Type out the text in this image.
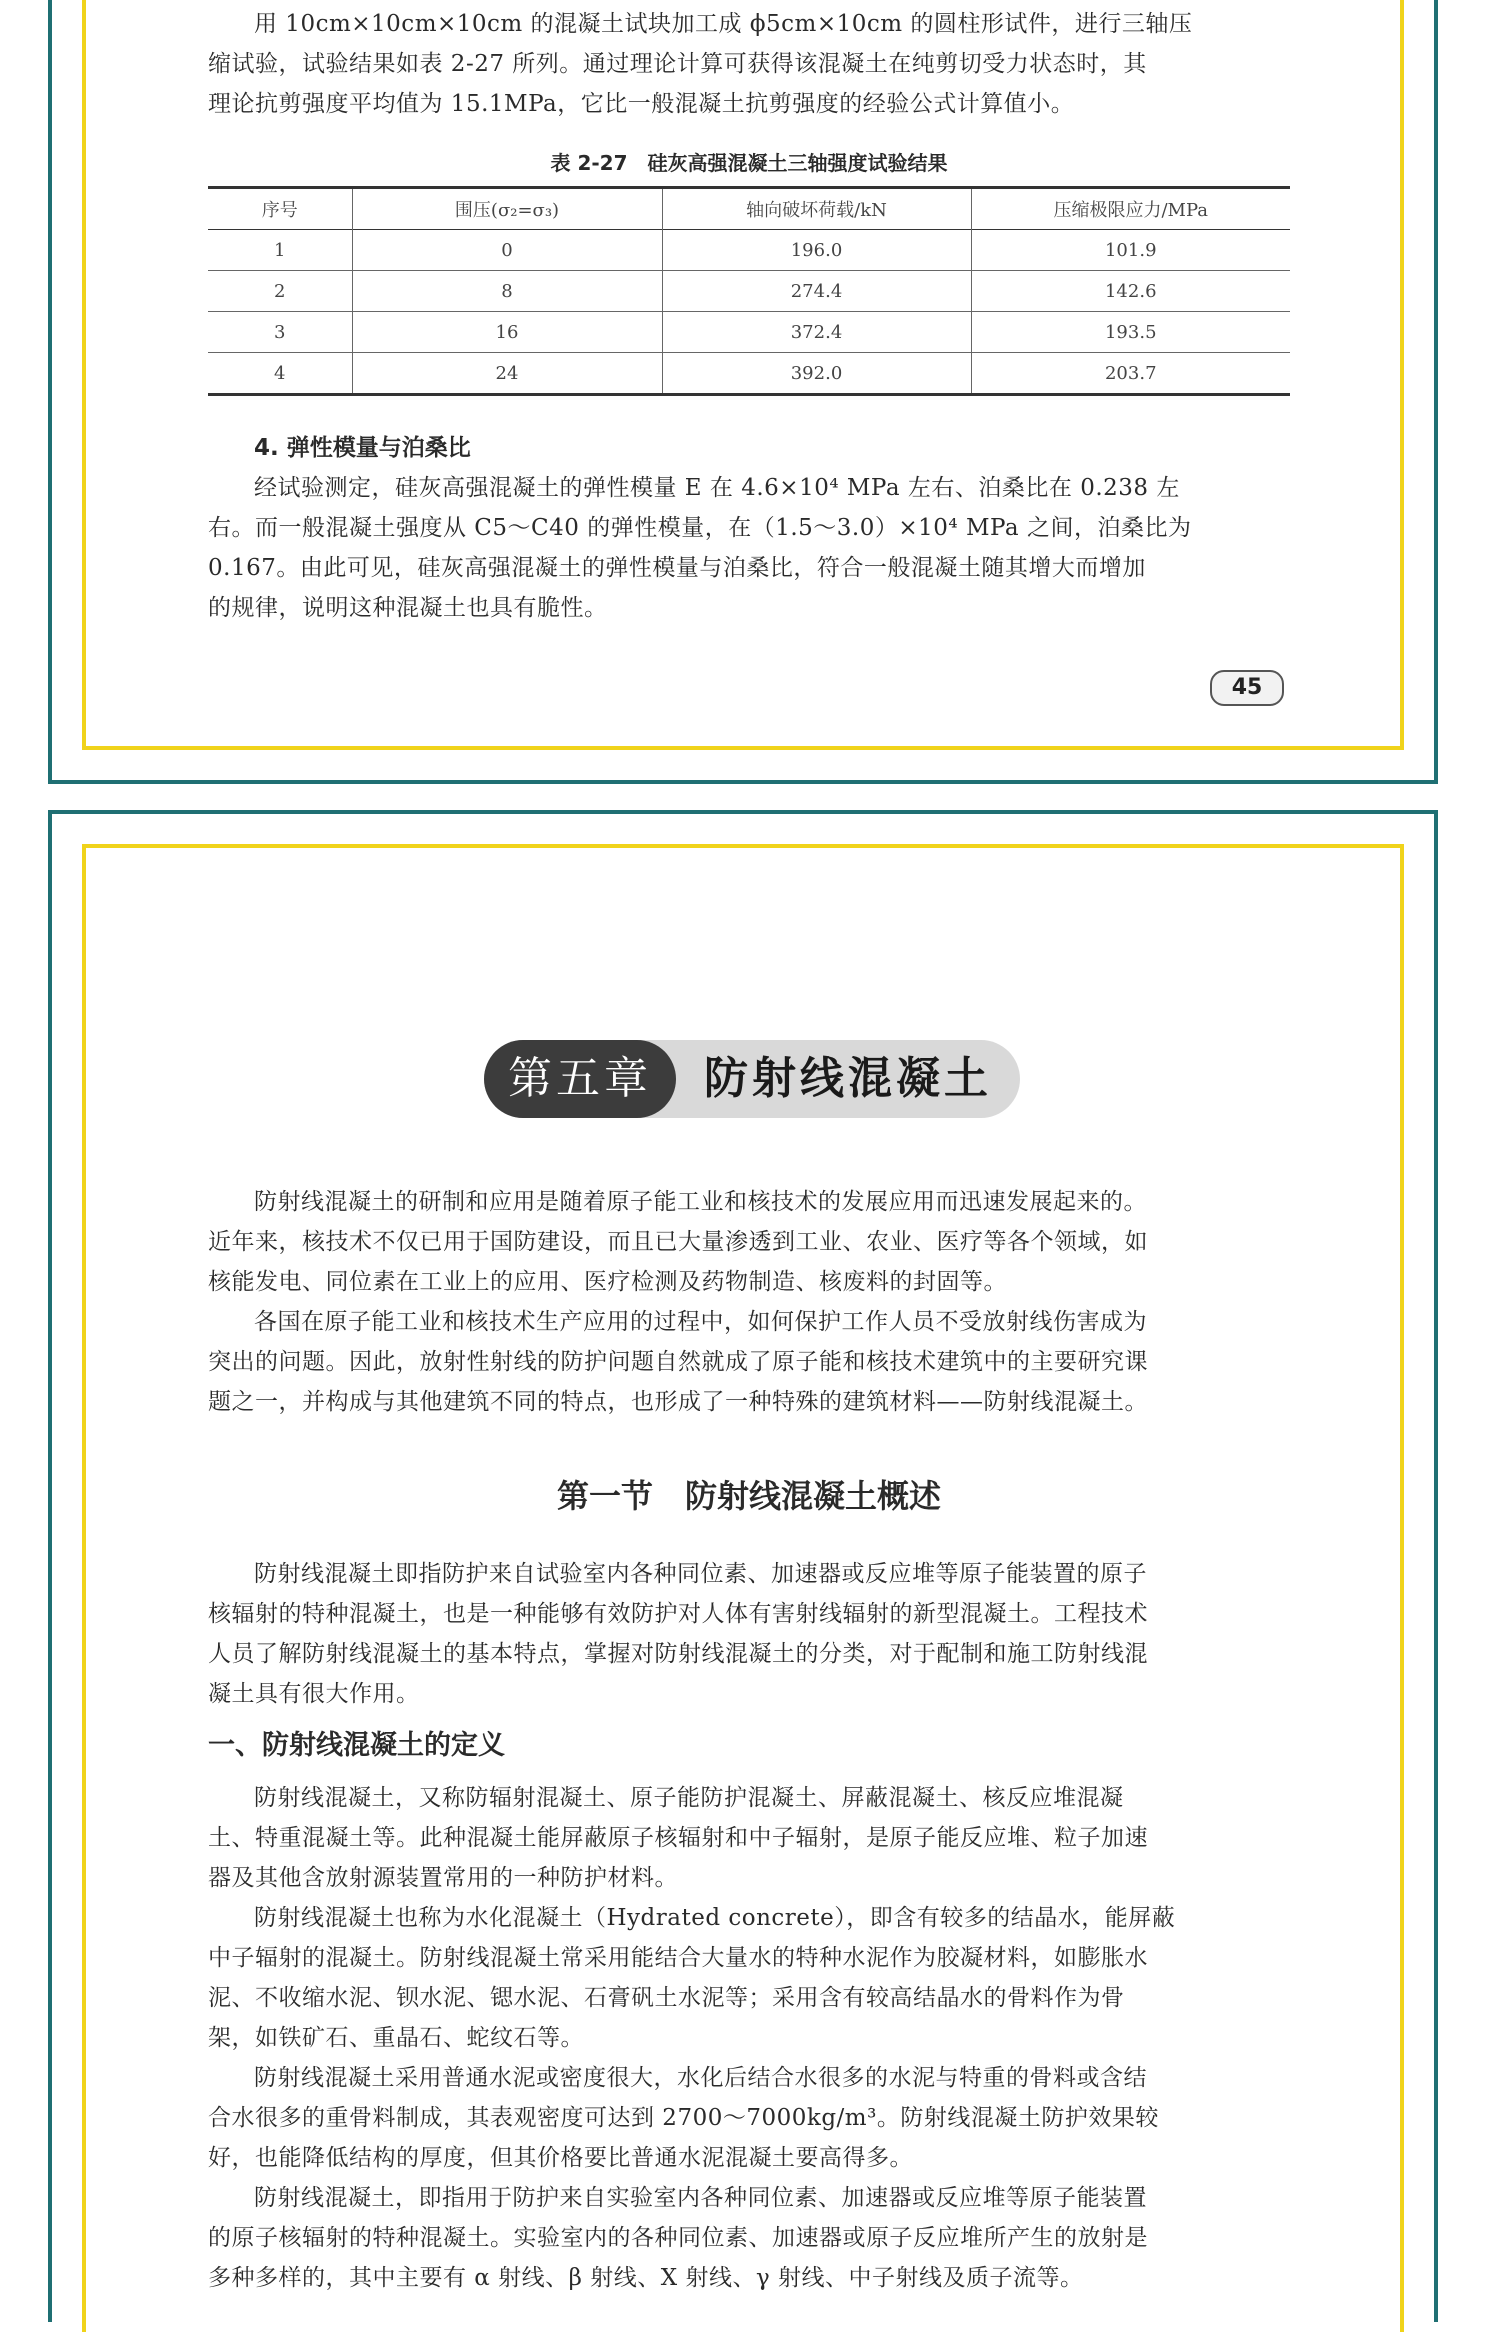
45

用 10cm×10cm×10cm 的混凝土试块加工成 ϕ5cm×10cm 的圆柱形试件，进行三轴压
缩试验，试验结果如表 2-27 所列。通过理论计算可获得该混凝土在纯剪切受力状态时，其
理论抗剪强度平均值为 15.1MPa，它比一般混凝土抗剪强度的经验公式计算值小。

表 2-27　硅灰高强混凝土三轴强度试验结果

序号	围压(σ₂=σ₃)	轴向破坏荷载/kN	压缩极限应力/MPa
1	0	196.0	101.9
2	8	274.4	142.6
3	16	372.4	193.5
4	24	392.0	203.7

4. 弹性模量与泊桑比

经试验测定，硅灰高强混凝土的弹性模量 E 在 4.6×10⁴ MPa 左右、泊桑比在 0.238 左
右。而一般混凝土强度从 C5～C40 的弹性模量，在（1.5～3.0）×10⁴ MPa 之间，泊桑比为
0.167。由此可见，硅灰高强混凝土的弹性模量与泊桑比，符合一般混凝土随其增大而增加
的规律，说明这种混凝土也具有脆性。

第五章	防射线混凝土

防射线混凝土的研制和应用是随着原子能工业和核技术的发展应用而迅速发展起来的。
近年来，核技术不仅已用于国防建设，而且已大量渗透到工业、农业、医疗等各个领域，如
核能发电、同位素在工业上的应用、医疗检测及药物制造、核废料的封固等。

各国在原子能工业和核技术生产应用的过程中，如何保护工作人员不受放射线伤害成为
突出的问题。因此，放射性射线的防护问题自然就成了原子能和核技术建筑中的主要研究课
题之一，并构成与其他建筑不同的特点，也形成了一种特殊的建筑材料——防射线混凝土。

第一节　防射线混凝土概述

防射线混凝土即指防护来自试验室内各种同位素、加速器或反应堆等原子能装置的原子
核辐射的特种混凝土，也是一种能够有效防护对人体有害射线辐射的新型混凝土。工程技术
人员了解防射线混凝土的基本特点，掌握对防射线混凝土的分类，对于配制和施工防射线混
凝土具有很大作用。

一、防射线混凝土的定义

防射线混凝土，又称防辐射混凝土、原子能防护混凝土、屏蔽混凝土、核反应堆混凝
土、特重混凝土等。此种混凝土能屏蔽原子核辐射和中子辐射，是原子能反应堆、粒子加速
器及其他含放射源装置常用的一种防护材料。

防射线混凝土也称为水化混凝土（Hydrated concrete），即含有较多的结晶水，能屏蔽
中子辐射的混凝土。防射线混凝土常采用能结合大量水的特种水泥作为胶凝材料，如膨胀水
泥、不收缩水泥、钡水泥、锶水泥、石膏矾土水泥等；采用含有较高结晶水的骨料作为骨
架，如铁矿石、重晶石、蛇纹石等。

防射线混凝土采用普通水泥或密度很大，水化后结合水很多的水泥与特重的骨料或含结
合水很多的重骨料制成，其表观密度可达到 2700～7000kg/m³。防射线混凝土防护效果较
好，也能降低结构的厚度，但其价格要比普通水泥混凝土要高得多。

防射线混凝土，即指用于防护来自实验室内各种同位素、加速器或反应堆等原子能装置
的原子核辐射的特种混凝土。实验室内的各种同位素、加速器或原子反应堆所产生的放射是
多种多样的，其中主要有 α 射线、β 射线、X 射线、γ 射线、中子射线及质子流等。
